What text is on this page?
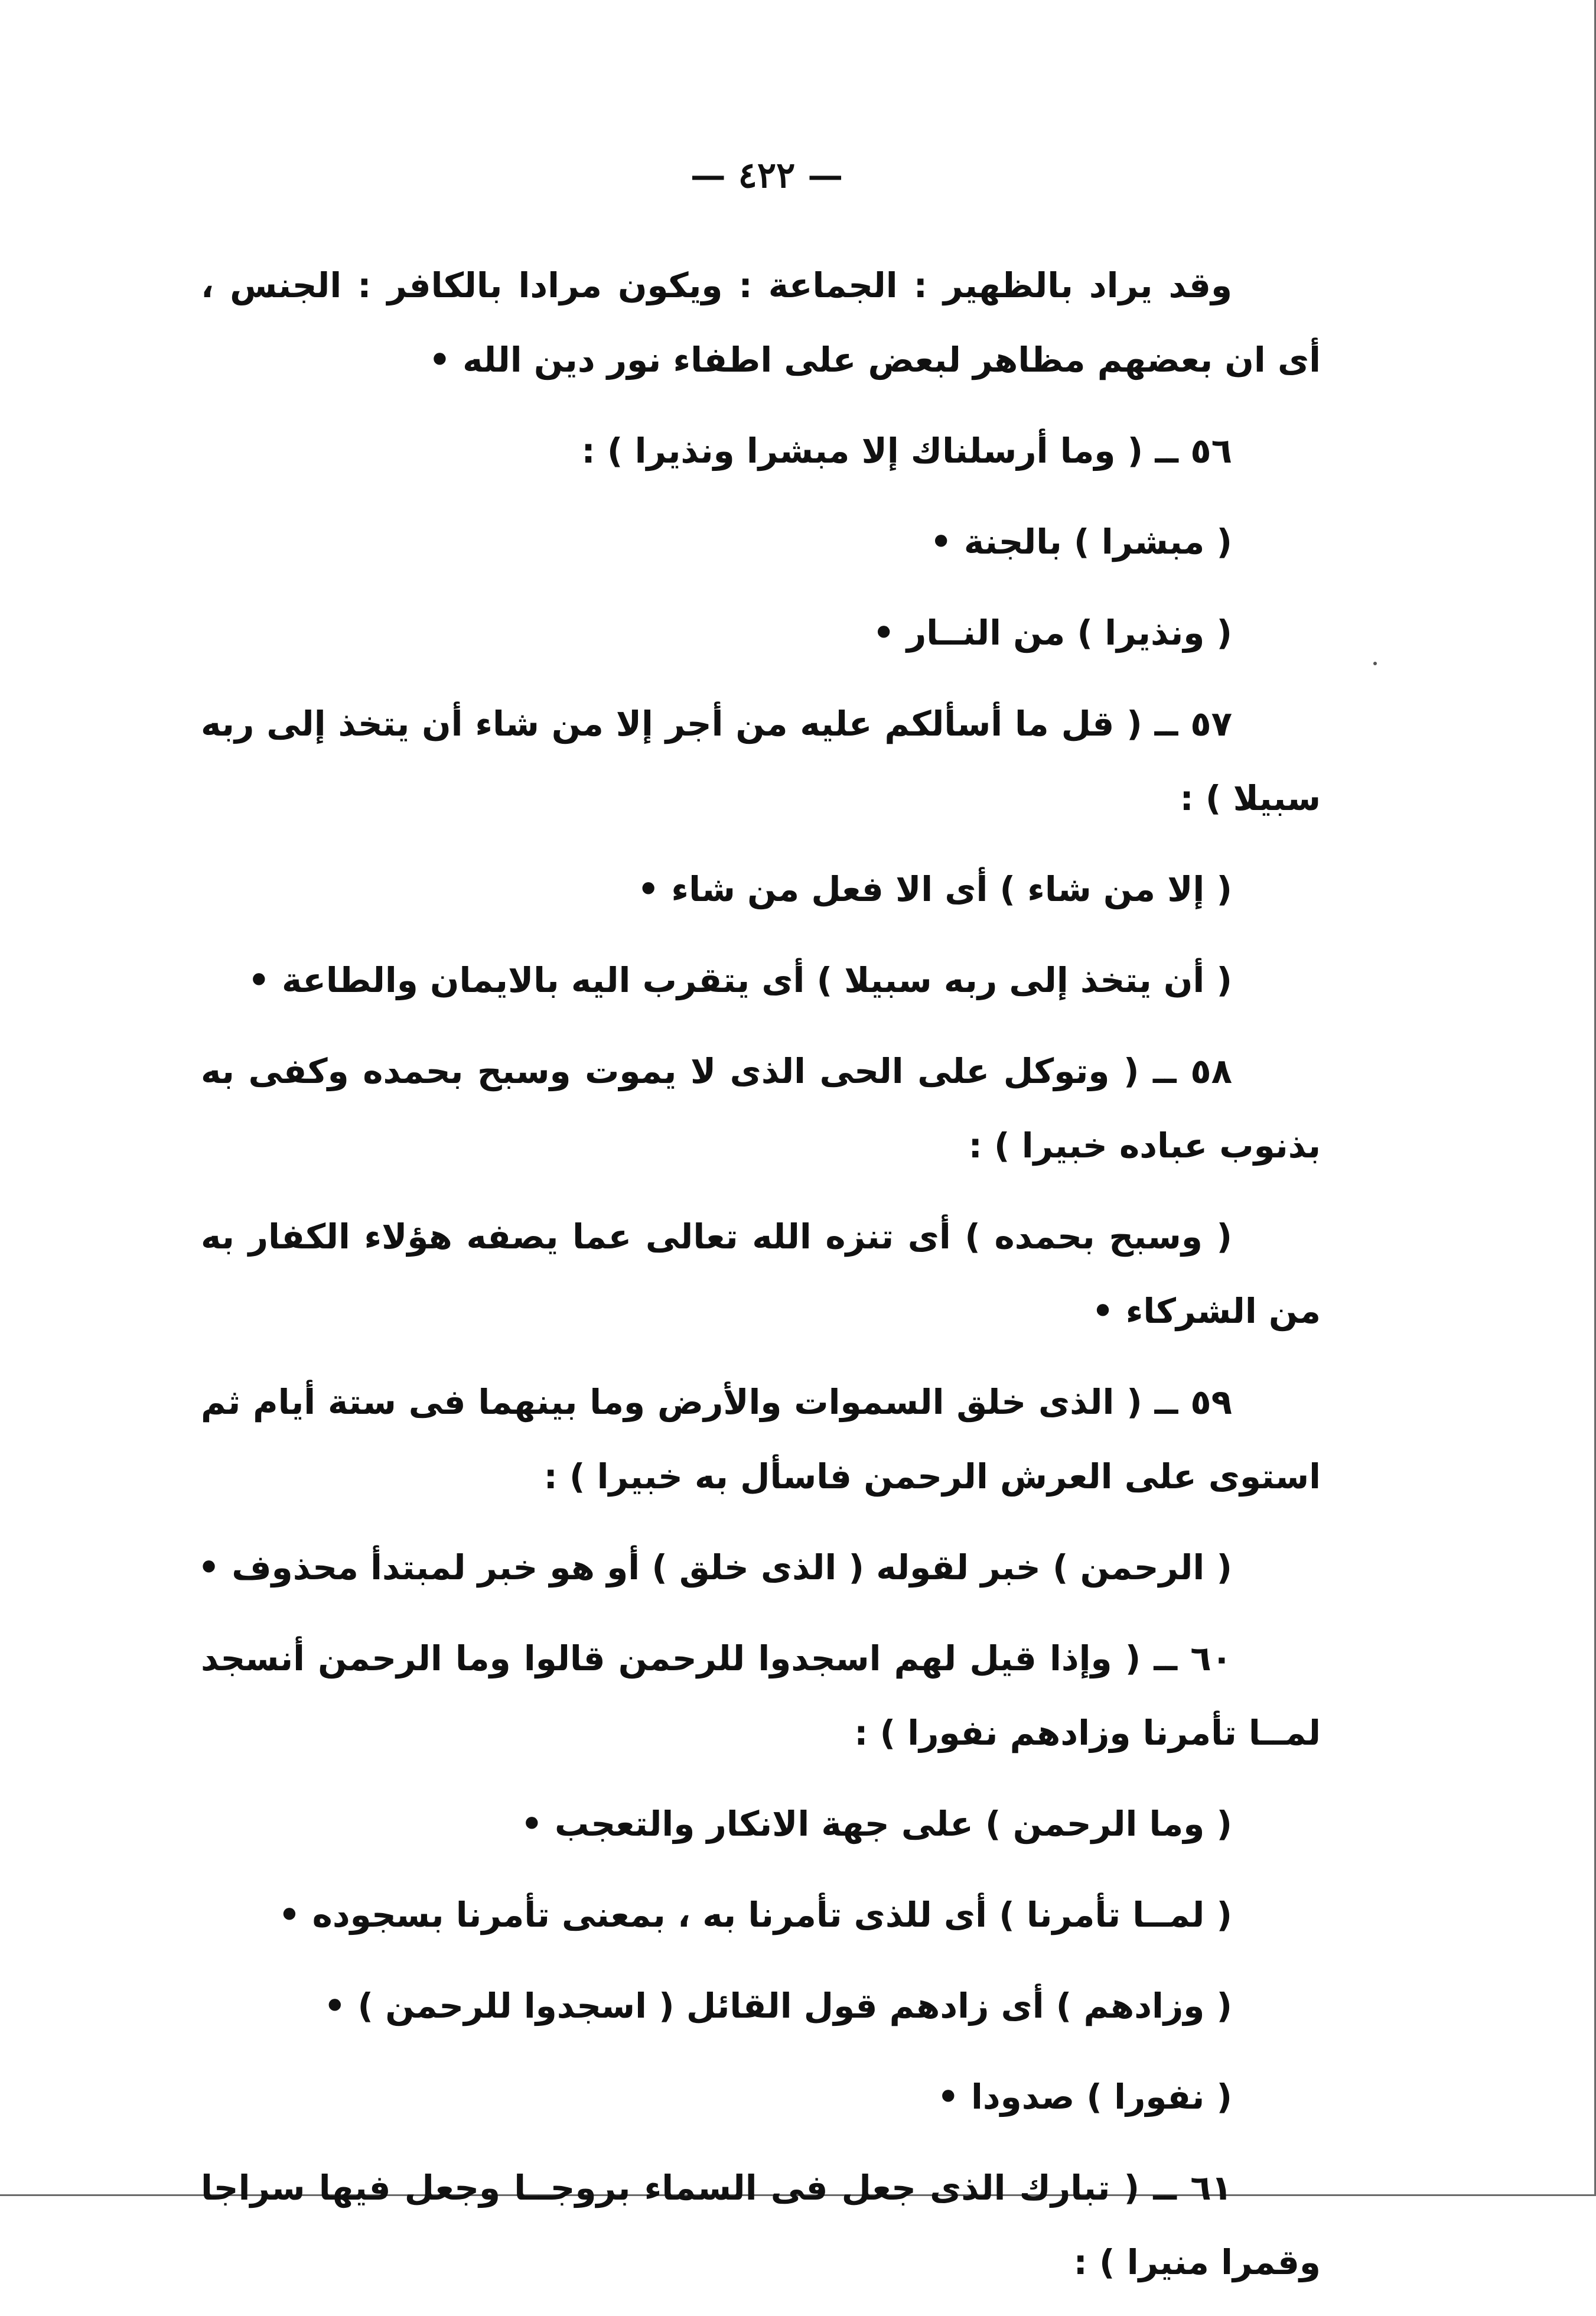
— ٤٢٢ —

وقد يراد بالظهير : الجماعة : ويكون مرادا بالكافر : الجنس ، أى ان بعضهم مظاهر لبعض على اطفاء نور دين الله •

٥٦ ــ ( وما أرسلناك إلا مبشرا ونذيرا ) :

( مبشرا ) بالجنة •

( ونذيرا ) من النــار •

٥٧ ــ ( قل ما أسألكم عليه من أجر إلا من شاء أن يتخذ إلى ربه سبيلا ) :

( إلا من شاء ) أى الا فعل من شاء •

( أن يتخذ إلى ربه سبيلا ) أى يتقرب اليه بالايمان والطاعة •

٥٨ ــ ( وتوكل على الحى الذى لا يموت وسبح بحمده وكفى به بذنوب عباده خبيرا ) :

( وسبح بحمده ) أى تنزه الله تعالى عما يصفه هؤلاء الكفار به من الشركاء •

٥٩ ــ ( الذى خلق السموات والأرض وما بينهما فى ستة أيام ثم استوى على العرش الرحمن فاسأل به خبيرا ) :

( الرحمن ) خبر لقوله ( الذى خلق ) أو هو خبر لمبتدأ محذوف •

٦٠ ــ ( وإذا قيل لهم اسجدوا للرحمن قالوا وما الرحمن أنسجد لمــا تأمرنا وزادهم نفورا ) :

( وما الرحمن ) على جهة الانكار والتعجب •

( لمــا تأمرنا ) أى للذى تأمرنا به ، بمعنى تأمرنا بسجوده •

( وزادهم ) أى زادهم قول القائل ( اسجدوا للرحمن ) •

( نفورا ) صدودا •

٦١ ــ ( تبارك الذى جعل فى السماء بروجــا وجعل فيها سراجا وقمرا منيرا ) :
